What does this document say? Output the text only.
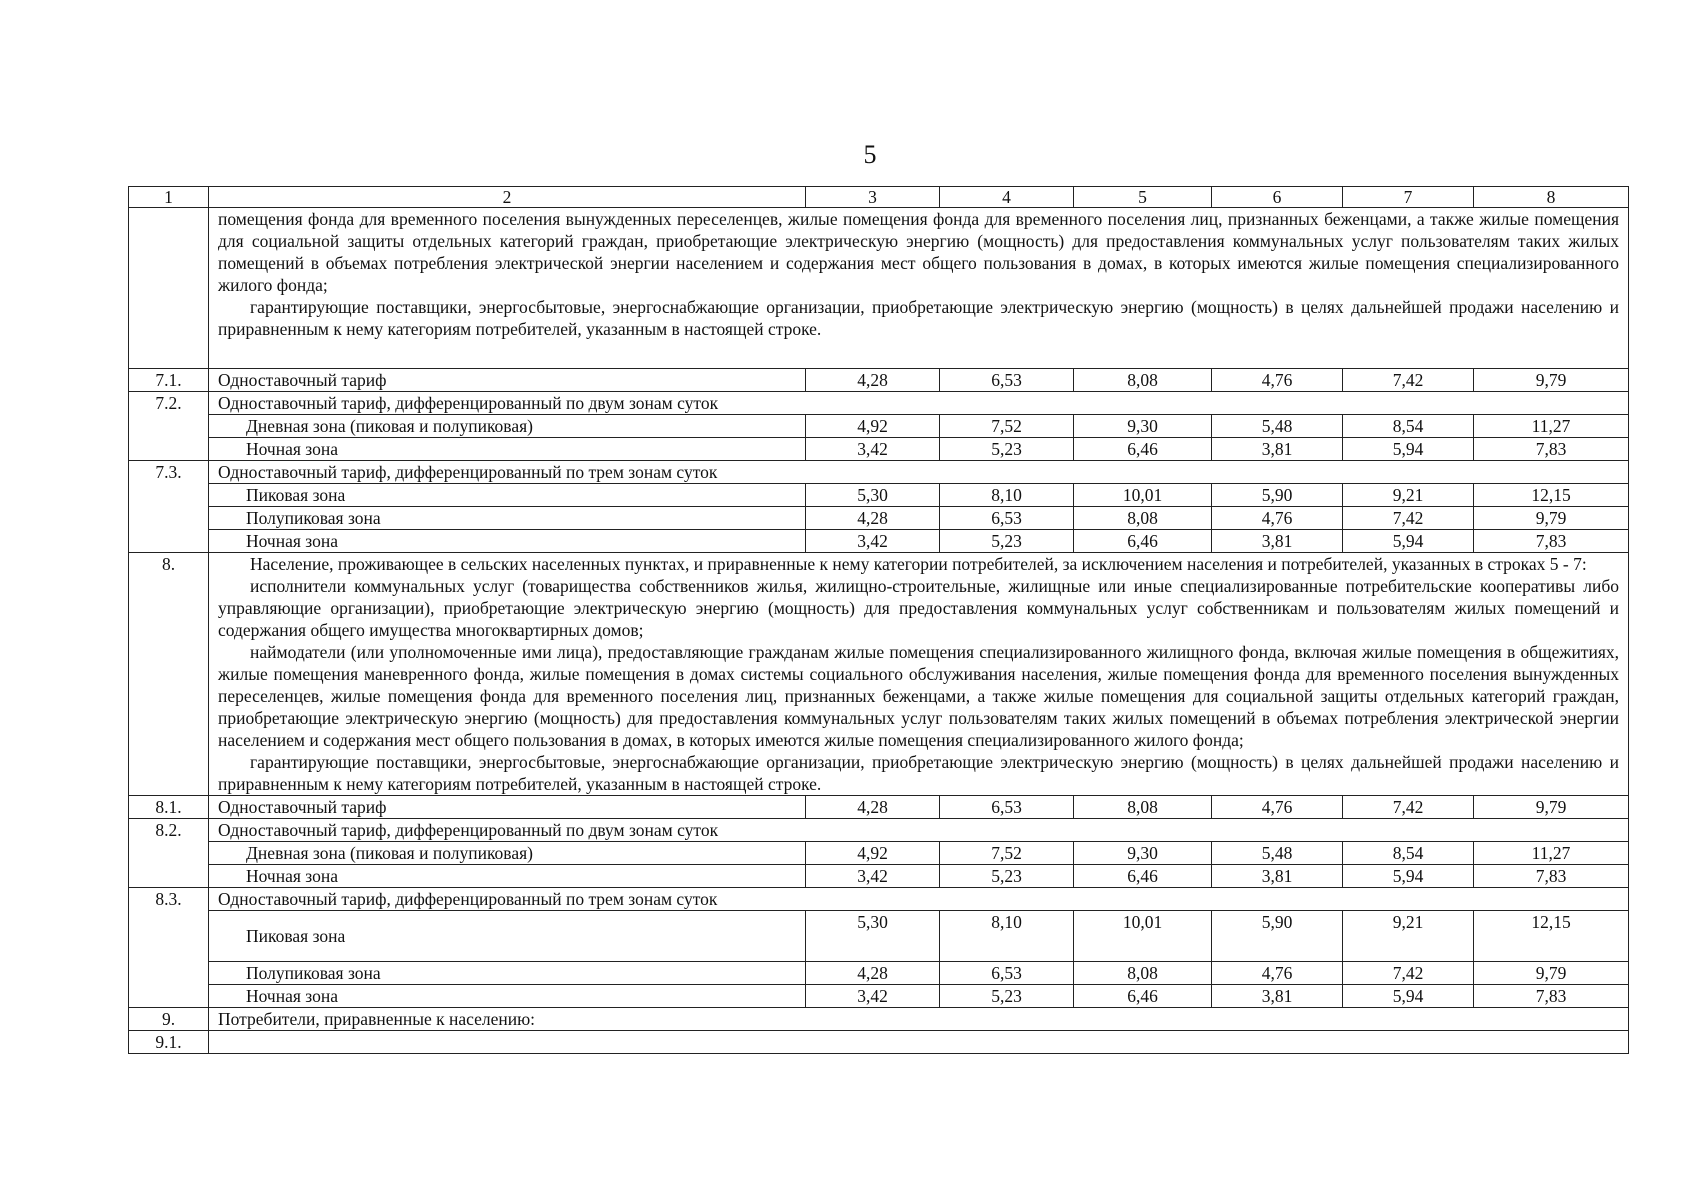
5
1	2	3	4	5	6	7	8

	помещения фонда для временного поселения вынужденных переселенцев, жилые помещения фонда для временного поселения лиц, признанных беженцами, а также жилые помещения для социальной защиты отдельных категорий граждан, приобретающие электрическую энергию (мощность) для предоставления коммунальных услуг пользователям таких жилых помещений в объемах потребления электрической энергии населением и содержания мест общего пользования в домах, в которых имеются жилые помещения специализированного жилого фонда;

гарантирующие поставщики, энергосбытовые, энергоснабжающие организации, приобретающие электрическую энергию (мощность) в целях дальнейшей продажи населению и приравненным к нему категориям потребителей, указанным в настоящей строке.						

7.1.	Одноставочный тариф	4,28	6,53	8,08	4,76	7,42	9,79
7.2.	Одноставочный тариф, дифференцированный по двум зонам суток						
	Дневная зона (пиковая и полупиковая)	4,92	7,52	9,30	5,48	8,54	11,27
	Ночная зона	3,42	5,23	6,46	3,81	5,94	7,83
7.3.	Одноставочный тариф, дифференцированный по трем зонам суток						
	Пиковая зона	5,30	8,10	10,01	5,90	9,21	12,15
	Полупиковая зона	4,28	6,53	8,08	4,76	7,42	9,79
	Ночная зона	3,42	5,23	6,46	3,81	5,94	7,83
8.	Население, проживающее в сельских населенных пунктах, и приравненные к нему категории потребителей, за исключением населения и потребителей, указанных в строках 5 - 7:

исполнители коммунальных услуг (товарищества собственников жилья, жилищно-строительные, жилищные или иные специализированные потребительские кооперативы либо управляющие организации), приобретающие электрическую энергию (мощность) для предоставления коммунальных услуг собственникам и пользователям жилых помещений и содержания общего имущества многоквартирных домов;

наймодатели (или уполномоченные ими лица), предоставляющие гражданам жилые помещения специализированного жилищного фонда, включая жилые помещения в общежитиях, жилые помещения маневренного фонда, жилые помещения в домах системы социального обслуживания населения, жилые помещения фонда для временного поселения вынужденных переселенцев, жилые помещения фонда для временного поселения лиц, признанных беженцами, а также жилые помещения для социальной защиты отдельных категорий граждан, приобретающие электрическую энергию (мощность) для предоставления коммунальных услуг пользователям таких жилых помещений в объемах потребления электрической энергии населением и содержания мест общего пользования в домах, в которых имеются жилые помещения специализированного жилого фонда;

гарантирующие поставщики, энергосбытовые, энергоснабжающие организации, приобретающие электрическую энергию (мощность) в целях дальнейшей продажи населению и приравненным к нему категориям потребителей, указанным в настоящей строке.						

8.1.	Одноставочный тариф	4,28	6,53	8,08	4,76	7,42	9,79
8.2.	Одноставочный тариф, дифференцированный по двум зонам суток						
	Дневная зона (пиковая и полупиковая)	4,92	7,52	9,30	5,48	8,54	11,27
	Ночная зона	3,42	5,23	6,46	3,81	5,94	7,83
8.3.	Одноставочный тариф, дифференцированный по трем зонам суток						
	Пиковая зона	5,30	8,10	10,01	5,90	9,21	12,15
	Полупиковая зона	4,28	6,53	8,08	4,76	7,42	9,79
	Ночная зона	3,42	5,23	6,46	3,81	5,94	7,83
9.	Потребители, приравненные к населению:						
9.1.							
